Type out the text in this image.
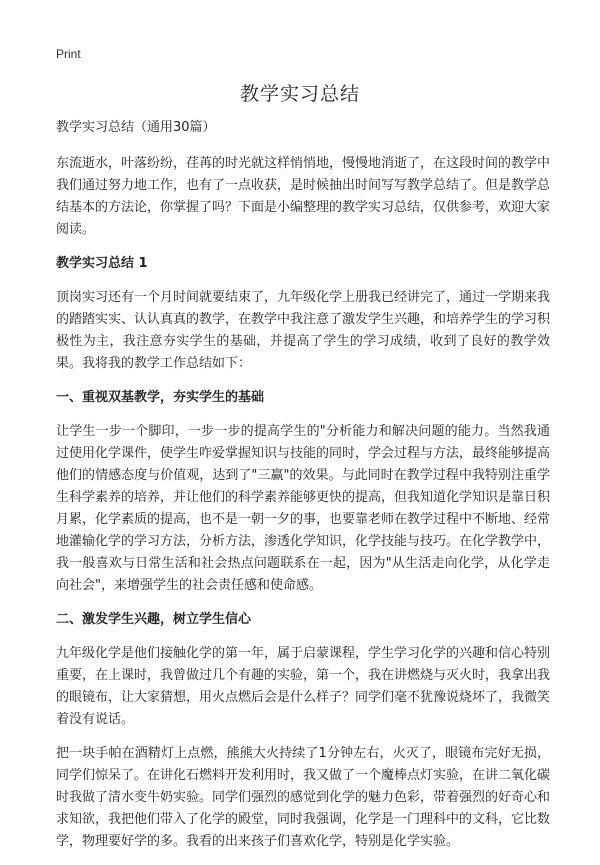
Print
教学实习总结

教学实习总结（通用30篇）

东流逝水，叶落纷纷，荏苒的时光就这样悄悄地，慢慢地消逝了，在这段时间的教学中我们通过努力地工作，也有了一点收获，是时候抽出时间写写教学总结了。但是教学总结基本的方法论，你掌握了吗？下面是小编整理的教学实习总结，仅供参考，欢迎大家阅读。

教学实习总结 1

顶岗实习还有一个月时间就要结束了，九年级化学上册我已经讲完了，通过一学期来我的踏踏实实、认认真真的教学，在教学中我注意了激发学生兴趣，和培养学生的学习积极性为主，我注意夯实学生的基础，并提高了学生的学习成绩，收到了良好的教学效果。我将我的教学工作总结如下：

一、重视双基教学，夯实学生的基础

让学生一步一个脚印，一步一步的提高学生的"分析能力和解决问题的能力。当然我通过使用化学课件，使学生咋爱掌握知识与技能的同时，学会过程与方法，最终能够提高他们的情感态度与价值观，达到了"三赢"的效果。与此同时在教学过程中我特别注重学生科学素养的培养，并让他们的科学素养能够更快的提高，但我知道化学知识是靠日积月累，化学素质的提高，也不是一朝一夕的事，也要靠老师在教学过程中不断地、经常地灌输化学的学习方法，分析方法，渗透化学知识，化学技能与技巧。在化学教学中，我一般喜欢与日常生活和社会热点问题联系在一起，因为"从生活走向化学，从化学走向社会"，来增强学生的社会责任感和使命感。

二、激发学生兴趣，树立学生信心

九年级化学是他们接触化学的第一年，属于启蒙课程，学生学习化学的兴趣和信心特别重要，在上课时，我曾做过几个有趣的实验，第一个，我在讲燃烧与灭火时，我拿出我的眼镜布，让大家猜想，用火点燃后会是什么样子？同学们毫不犹豫说烧坏了，我微笑着没有说话。

把一块手帕在酒精灯上点燃，熊熊大火持续了1分钟左右，火灭了，眼镜布完好无损，同学们惊呆了。在讲化石燃料开发利用时，我又做了一个魔棒点灯实验，在讲二氧化碳时我做了清水变牛奶实验。同学们强烈的感觉到化学的魅力色彩，带着强烈的好奇心和求知欲，我把他们带入了化学的殿堂，同时我强调，化学是一门理科中的文科，它比数学，物理要好学的多。我看的出来孩子们喜欢化学，特别是化学实验。
